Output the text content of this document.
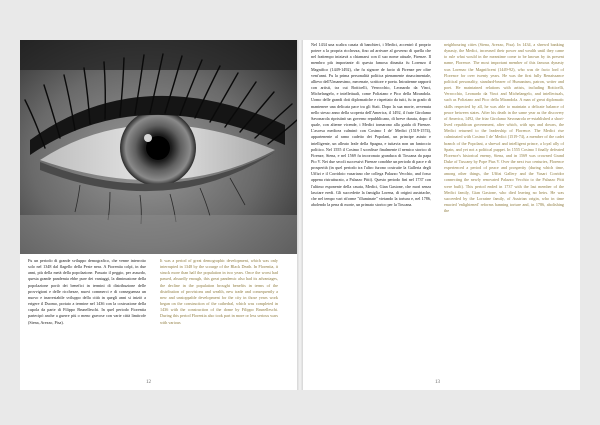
Fu un periodo di grande sviluppo demografico, che venne interrotto solo nel 1348 dal flagello della Peste nera. A Fiorentia colpì, in due anni, più della metà della popolazione. Passato il peggio, per assurdo, questa grande pandemia ebbe pure dei vantaggi, la diminuzione della popolazione portò dei benefici in termini di distribuzione delle provvigioni e delle ricchezze, nuovi commerci e di conseguenza un nuovo e inarrestabile sviluppo della città in quegli anni si iniziò a erigere il Duomo, portato a termine nel 1436 con la costruzione della cupola da parte di Filippo Brunelleschi. In quel periodo Fiorentia partecipò anche a guerre più o meno gravose con varie città limitrofe (Siena, Arezzo, Pisa).

It was a period of great demographic development, which was only interrupted in 1348 by the scourge of the Black Death. In Florentia, it struck more than half the population in two years. Once the worst had passed, absurdly enough, this great pandemic also had its advantages, the decline in the population brought benefits in terms of the distribution of provisions and wealth, new trade and consequently a new and unstoppable development for the city in those years work began on the construction of the cathedral, which was completed in 1436 with the construction of the dome by Filippo Brunelleschi. During this period Florentia also took part in more or less serious wars with various

12

Nel 1434 una scaltra casata di banchieri, i Medici, accentrò il proprio potere a la propria ricchezza, fino ad arrivare al governo di quella che nel frattempo iniziavà a chiamarsi con il suo nome attuale, Firenze. Il membro più importante di questa famosa dinastia fu Lorenzo il Magnifico (1449-1492), che fu signore de facto di Firenze per oltre vent'anni. Fu la prima personalità politica pienamente rinascimentale, allievo dell'Umanesimo, mecenate, scrittore e poeta. Intrattenne rapporti con artisti, tra cui Botticelli, Verrocchio, Leonardo da Vinci, Michelangelo, e intellettuali, come Poliziano e Pico della Mirandola. Uomo delle grandi doti diplomatiche e rispettato da tutti, fu in grado di mantenere una delicata pace tra gli Stati. Dopo la sua morte, avvenuta nello stesso anno della scoperta dell'America, il 1492, il frate Girolamo Savonarola ripristinò un governo repubblicano, di breve durata, dopo il quale, con alterne vicende, i Medici tornarono alla guida di Firenze. L'ascesa medicea culminò con Cosimo I de' Medici (1519-1574), appartenente al ramo cadetto dei Popolani, un principe astuto e intelligente, un alleato leale della Spagna, e tuttavia non un fantoccio politico. Nel 1555 il Cosimo I sconfisse finalmente il nemico storico di Firenze, Siena, e nel 1569 fu incoronato granduca di Toscana da papa Pio V. Nei due secoli successivi Firenze conobbe un periodo di pace e di prosperità (in quel periodo tra l'altro furono costruite la Galleria degli Uffizi e il Corridoio vasariano che collega Palazzo Vecchio, and fosso appena ristrutturato, a Palazzo Pitti). Questo periodo finì nel 1737 con l'ultimo esponente della casata, Medici, Gian Gastone, che morì senza lasciare eredi. Gli succedette la famiglia Lorena, di origini austriache, che nel tempo vari riforme "illuminate" vietando la tortura e, nel 1786, abolendo la pena di morte, un primato storico per la Toscana.

neighbouring cities (Siena, Arezzo, Pisa). In 1434, a shrewd banking dynasty, the Medici, increased their power and wealth until they came to rule what would in the meantime come to be known by its present name, Florence. The most important member of this famous dynasty was Lorenzo the Magnificent (1449-92), who was de facto lord of Florence for over twenty years. He was the first fully Renaissance political personality, standard-bearer of Humanism, patron, writer and poet. He maintained relations with artists, including Botticelli, Verrocchio, Leonardo da Vinci and Michelangelo, and intellectuals, such as Poliziano and Pico della Mirandola. A man of great diplomatic skills respected by all, he was able to maintain a delicate balance of peace between states. After his death in the same year as the discovery of America, 1492, the friar Girolamo Savonarola re-established a short-lived republican government, after which, with ups and downs, the Medici returned to the leadership of Florence. The Medici rise culminated with Cosimo I de' Medici (1519-74), a member of the cadet branch of the Popolani, a shrewd and intelligent prince, a loyal ally of Spain, and yet not a political puppet. In 1555 Cosimo I finally defeated Florence's historical enemy, Siena, and in 1569 was crowned Grand Duke of Tuscany by Pope Pius V. Over the next two centuries, Florence experienced a period of peace and prosperity (during which time, among other things, the Uffizi Gallery and the Vasari Corridor connecting the newly renovated Palazzo Vecchio to the Palazzo Pitti were built). This period ended in 1737 with the last member of the Medici family, Gian Gastone, who died leaving no heirs. He was succeeded by the Lorraine family, of Austrian origin, who in time enacted 'enlightened' reforms banning torture and, in 1786, abolishing the

13
